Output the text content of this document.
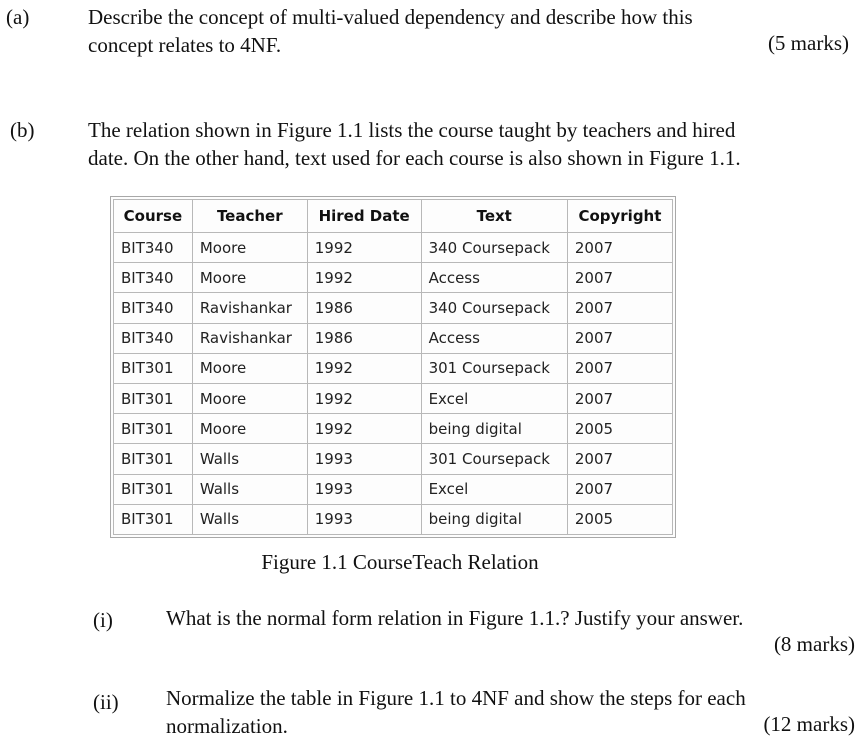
(a)	Describe the concept of multi-valued dependency and describe how this
concept relates to 4NF.	(5 marks)
(b)	The relation shown in Figure 1.1 lists the course taught by teachers and hired
date. On the other hand, text used for each course is also shown in Figure 1.1.
Course	Teacher	Hired Date	Text	Copyright
BIT340	Moore	1992	340 Coursepack	2007
BIT340	Moore	1992	Access	2007
BIT340	Ravishankar	1986	340 Coursepack	2007
BIT340	Ravishankar	1986	Access	2007
BIT301	Moore	1992	301 Coursepack	2007
BIT301	Moore	1992	Excel	2007
BIT301	Moore	1992	being digital	2005
BIT301	Walls	1993	301 Coursepack	2007
BIT301	Walls	1993	Excel	2007
BIT301	Walls	1993	being digital	2005
Figure 1.1 CourseTeach Relation
(i)	What is the normal form relation in Figure 1.1.? Justify your answer.
(8 marks)
(ii) Normalize the table in Figure 1.1 to 4NF and show the steps for each
normalization.	(12 marks)
